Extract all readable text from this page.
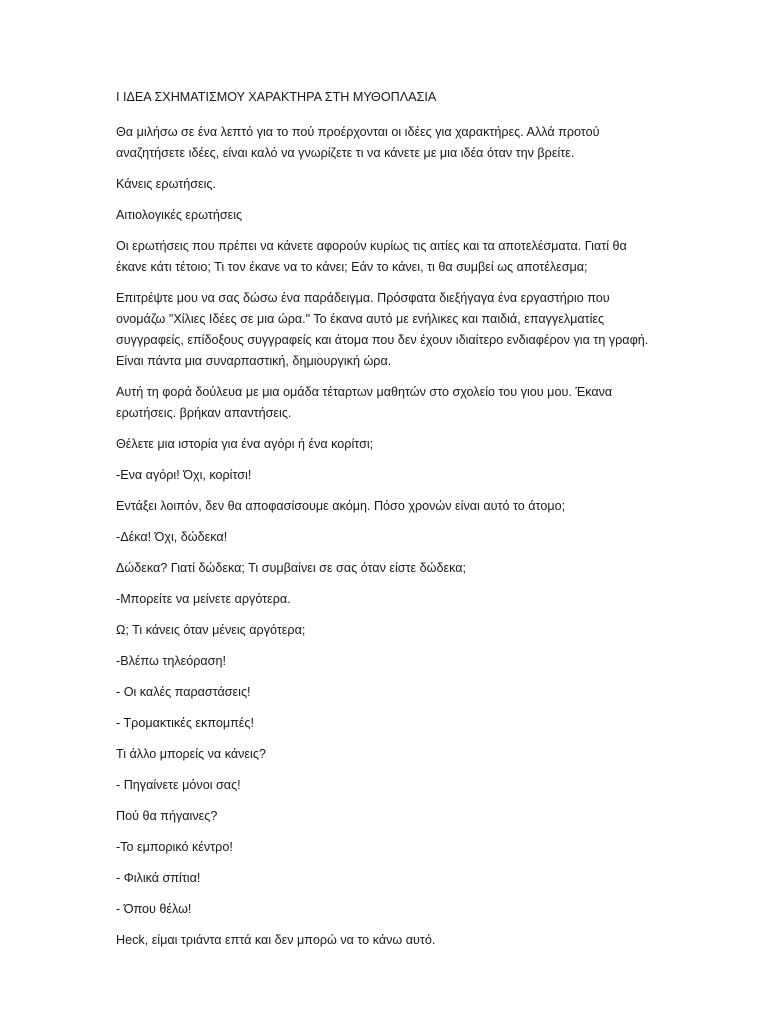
Ι ΙΔΕΑ ΣΧΗΜΑΤΙΣΜΟΥ ΧΑΡΑΚΤΗΡΑ ΣΤΗ ΜΥΘΟΠΛΑΣΙΑ

Θα μιλήσω σε ένα λεπτό για το πού προέρχονται οι ιδέες για χαρακτήρες. Αλλά προτού αναζητήσετε ιδέες, είναι καλό να γνωρίζετε τι να κάνετε με μια ιδέα όταν την βρείτε.

Κάνεις ερωτήσεις.

Αιτιολογικές ερωτήσεις

Οι ερωτήσεις που πρέπει να κάνετε αφορούν κυρίως τις αιτίες και τα αποτελέσματα. Γιατί θα έκανε κάτι τέτοιο; Τι τον έκανε να το κάνει; Εάν το κάνει, τι θα συμβεί ως αποτέλεσμα;

Επιτρέψτε μου να σας δώσω ένα παράδειγμα. Πρόσφατα διεξήγαγα ένα εργαστήριο που ονομάζω "Χίλιες Ιδέες σε μια ώρα." Το έκανα αυτό με ενήλικες και παιδιά, επαγγελματίες συγγραφείς, επίδοξους συγγραφείς και άτομα που δεν έχουν ιδιαίτερο ενδιαφέρον για τη γραφή. Είναι πάντα μια συναρπαστική, δημιουργική ώρα.

Αυτή τη φορά δούλευα με μια ομάδα τέταρτων μαθητών στο σχολείο του γιου μου. Έκανα ερωτήσεις. βρήκαν απαντήσεις.

Θέλετε μια ιστορία για ένα αγόρι ή ένα κορίτσι;

-Ενα αγόρι! Όχι, κορίτσι!

Εντάξει λοιπόν, δεν θα αποφασίσουμε ακόμη. Πόσο χρονών είναι αυτό το άτομο;

-Δέκα! Όχι, δώδεκα!

Δώδεκα? Γιατί δώδεκα; Τι συμβαίνει σε σας όταν είστε δώδεκα;

-Μπορείτε να μείνετε αργότερα.

Ω; Τι κάνεις όταν μένεις αργότερα;

-Βλέπω τηλεόραση!

- Οι καλές παραστάσεις!

- Τρομακτικές εκπομπές!

Τι άλλο μπορείς να κάνεις?

- Πηγαίνετε μόνοι σας!

Πού θα πήγαινες?

-Το εμπορικό κέντρο!

- Φιλικά σπίτια!

- Όπου θέλω!

Heck, είμαι τριάντα επτά και δεν μπορώ να το κάνω αυτό.
